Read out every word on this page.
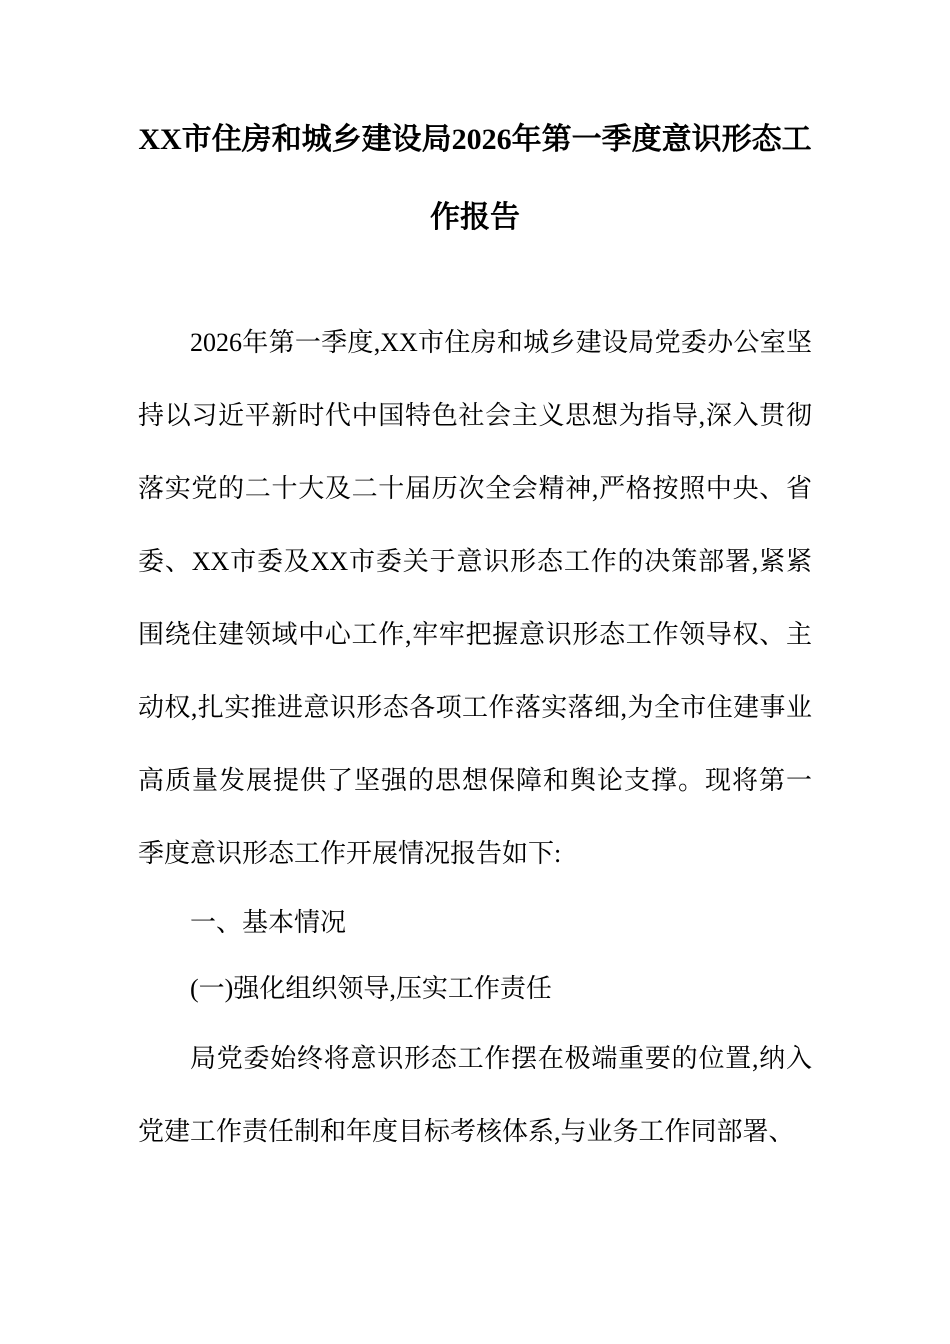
XX市住房和城乡建设局2026年第一季度意识形态工作报告

2026年第一季度,XX市住房和城乡建设局党委办公室坚持以习近平新时代中国特色社会主义思想为指导,深入贯彻落实党的二十大及二十届历次全会精神,严格按照中央、省委、XX市委及XX市委关于意识形态工作的决策部署,紧紧围绕住建领域中心工作,牢牢把握意识形态工作领导权、主动权,扎实推进意识形态各项工作落实落细,为全市住建事业高质量发展提供了坚强的思想保障和舆论支撑。现将第一季度意识形态工作开展情况报告如下:

一、基本情况

(一)强化组织领导,压实工作责任

局党委始终将意识形态工作摆在极端重要的位置,纳入党建工作责任制和年度目标考核体系,与业务工作同部署、
